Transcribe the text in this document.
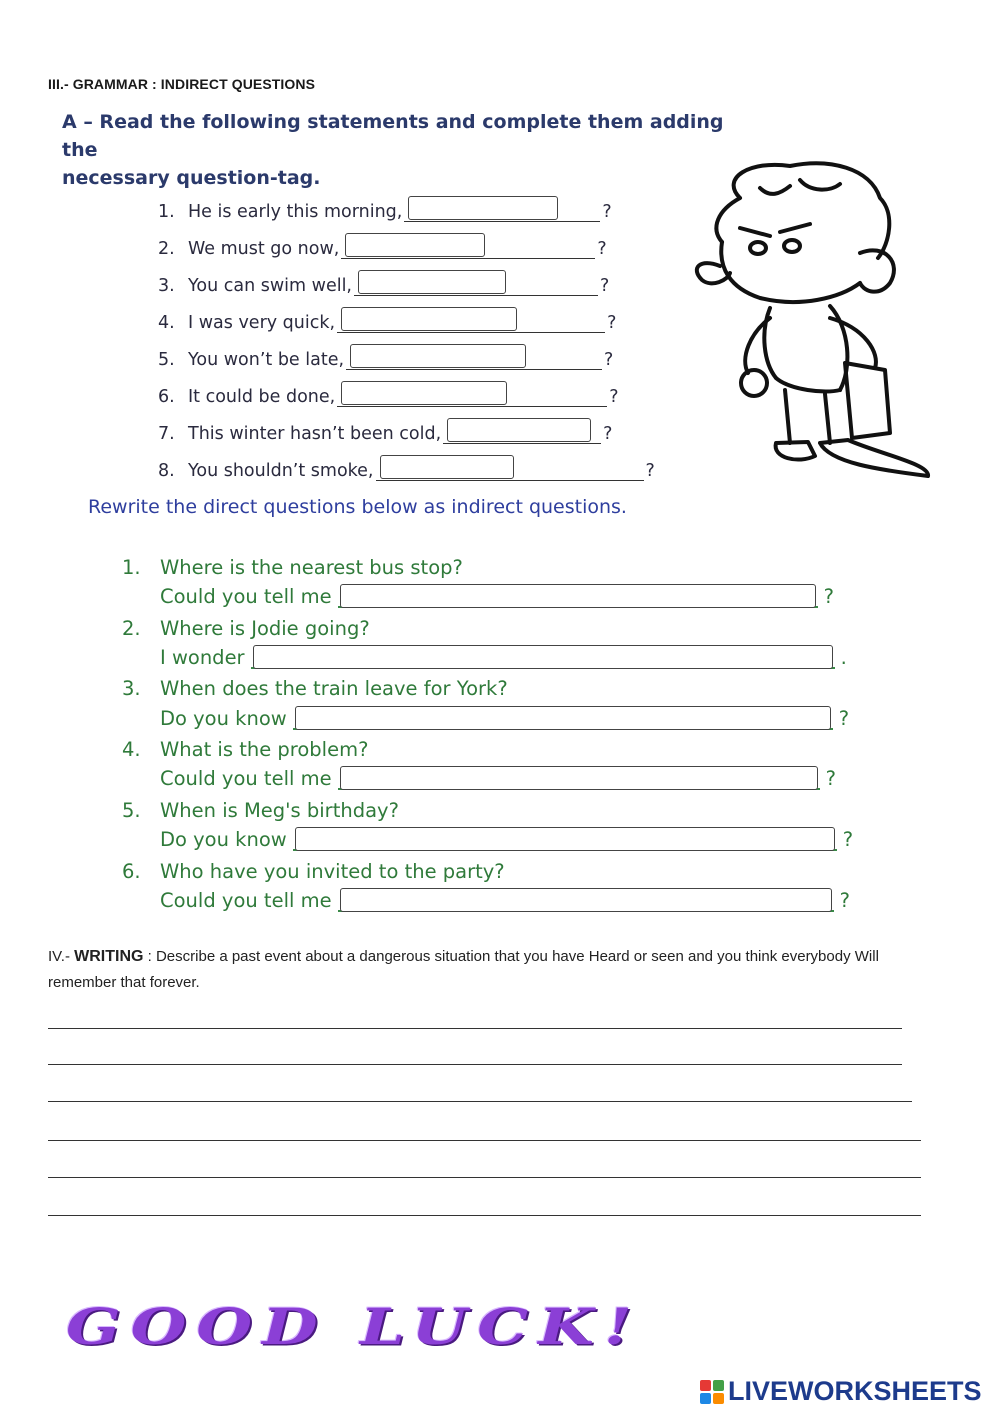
III.- GRAMMAR : INDIRECT QUESTIONS
A – Read the following statements and complete them adding the
necessary question-tag.
1. He is early this morning,	?
2. We must go now,	?
3. You can swim well,	?
4. I was very quick,	?
5. You won’t be late,	?
6. It could be done,	?
7. This winter hasn’t been cold,	?
8. You shouldn’t smoke,	?
Rewrite the direct questions below as indirect questions.
1. Where is the nearest bus stop?
Could you tell me	?
2. Where is Jodie going?
I wonder	.
3. When does the train leave for York?
Do you know	?
4. What is the problem?
Could you tell me	?
5. When is Meg's birthday?
Do you know	?
6. Who have you invited to the party?
Could you tell me	?
IV.- WRITING : Describe a past event about a dangerous situation that you have Heard or seen and you think everybody Will remember that forever.
GOOD LUCK!
LIVEWORKSHEETS
